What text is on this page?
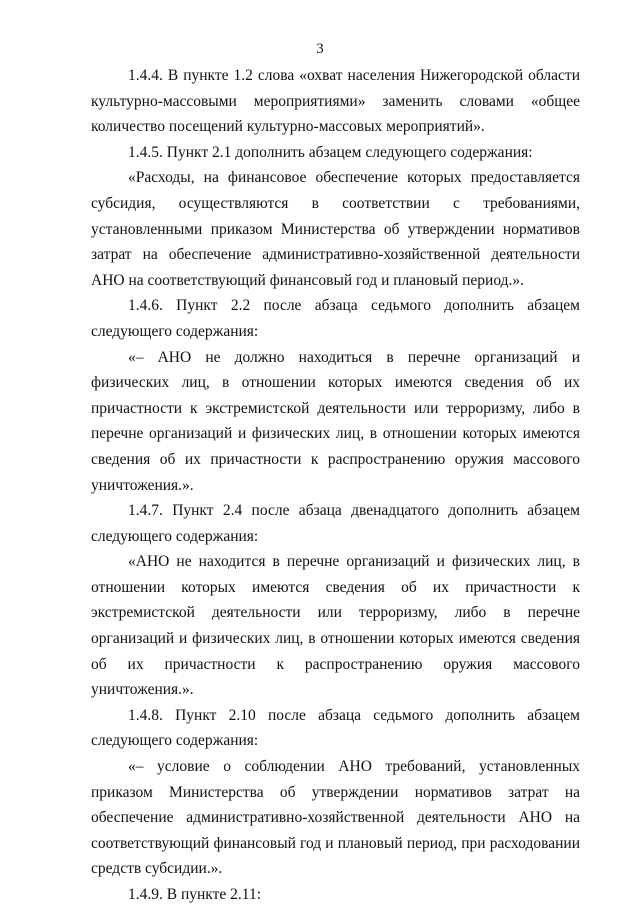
3

1.4.4. В пункте 1.2 слова «охват населения Нижегородской области культурно-массовыми мероприятиями» заменить словами «общее количество посещений культурно-массовых мероприятий».

1.4.5. Пункт 2.1 дополнить абзацем следующего содержания:

«Расходы, на финансовое обеспечение которых предоставляется субсидия, осуществляются в соответствии с требованиями, установленными приказом Министерства об утверждении нормативов затрат на обеспечение административно-хозяйственной деятельности АНО на соответствующий финансовый год и плановый период.».

1.4.6. Пункт 2.2 после абзаца седьмого дополнить абзацем следующего содержания:

«– АНО не должно находиться в перечне организаций и физических лиц, в отношении которых имеются сведения об их причастности к экстремистской деятельности или терроризму, либо в перечне организаций и физических лиц, в отношении которых имеются сведения об их причастности к распространению оружия массового уничтожения.».

1.4.7. Пункт 2.4 после абзаца двенадцатого дополнить абзацем следующего содержания:

«АНО не находится в перечне организаций и физических лиц, в отношении которых имеются сведения об их причастности к экстремистской деятельности или терроризму, либо в перечне организаций и физических лиц, в отношении которых имеются сведения об их причастности к распространению оружия массового уничтожения.».

1.4.8. Пункт 2.10 после абзаца седьмого дополнить абзацем следующего содержания:

«– условие о соблюдении АНО требований, установленных приказом Министерства об утверждении нормативов затрат на обеспечение административно-хозяйственной деятельности АНО на соответствующий финансовый год и плановый период, при расходовании средств субсидии.».

1.4.9. В пункте 2.11:
